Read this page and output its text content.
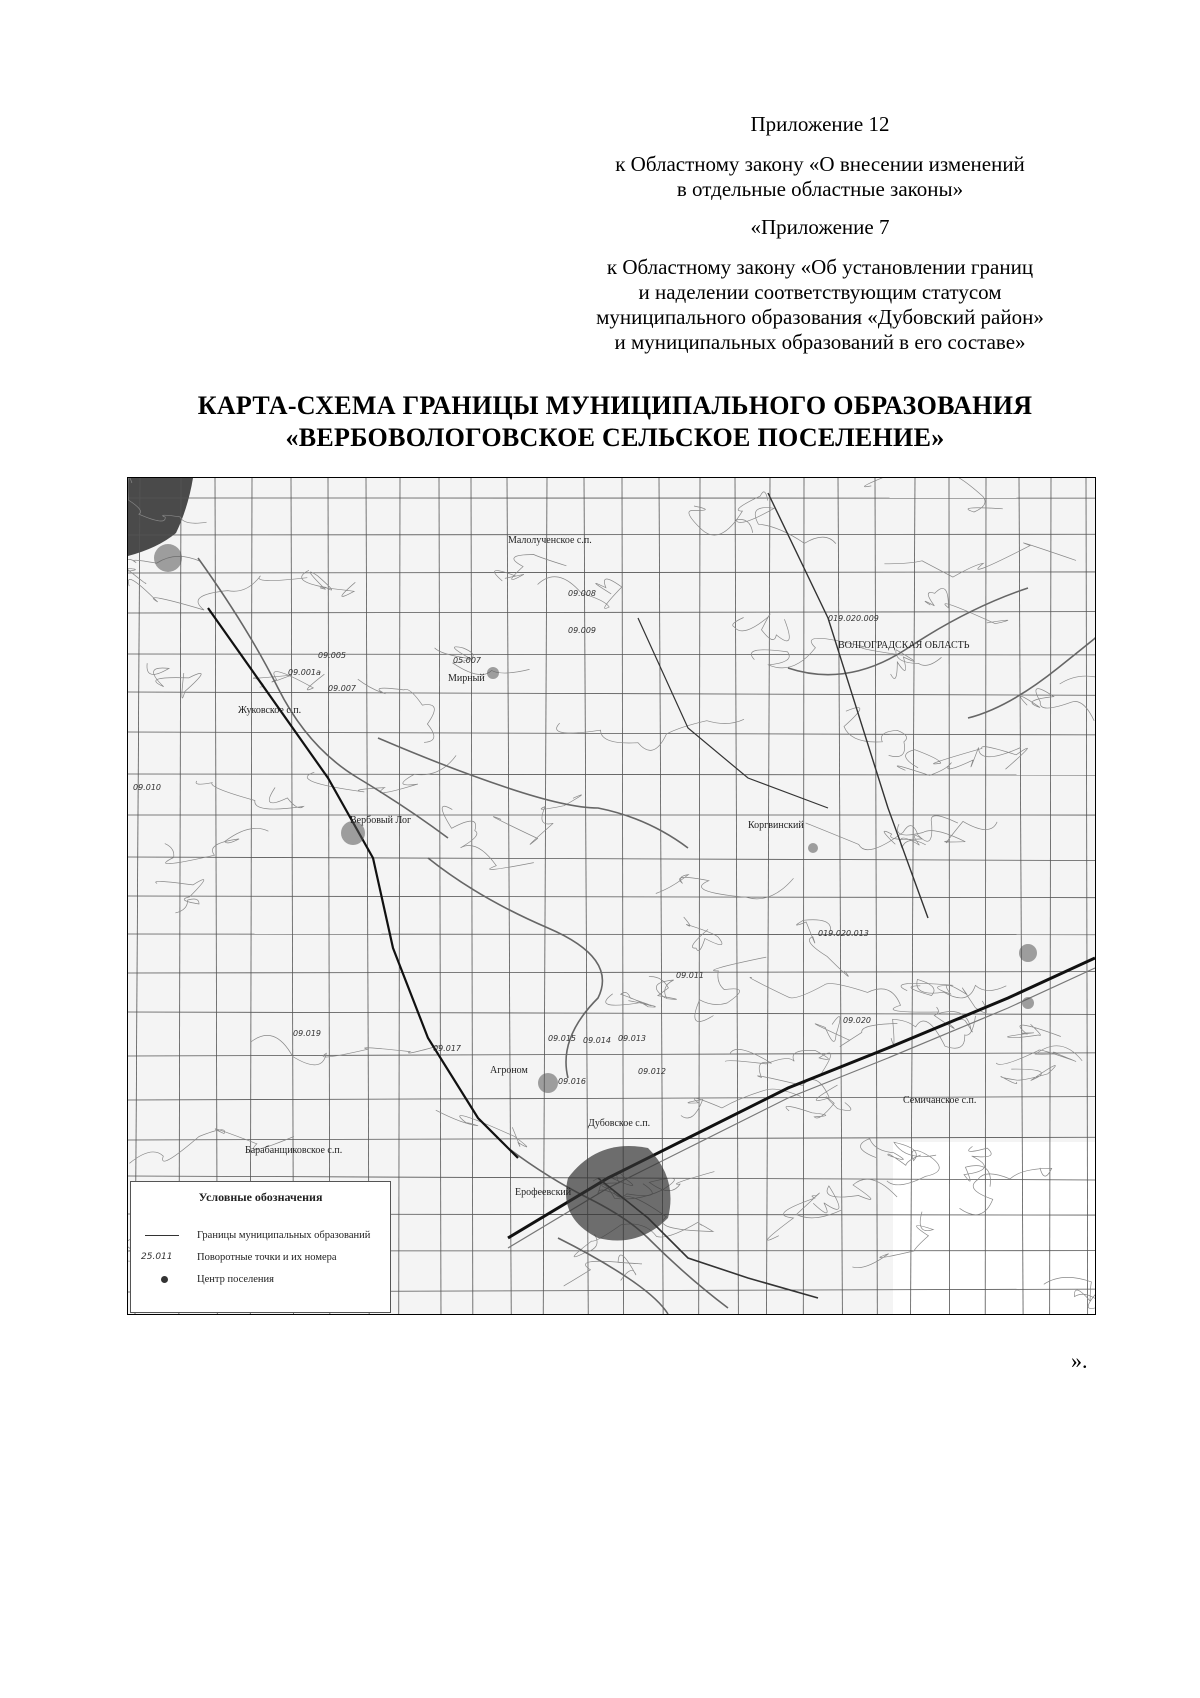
Приложение 12
к Областному закону «О внесении изменений
в отдельные областные законы»
«Приложение 7
к Областному закону «Об установлении границ
и наделении соответствующим статусом
муниципального образования «Дубовский район»
и муниципальных образований в его составе»
КАРТА-СХЕМА ГРАНИЦЫ МУНИЦИПАЛЬНОГО ОБРАЗОВАНИЯ
«ВЕРБОВОЛОГОВСКОЕ СЕЛЬСКОЕ ПОСЕЛЕНИЕ»
Малолученское с.п.
Мирный
Жуковское с.п.
Вербовый Лог
Агроном
Дубовское с.п.
Барабанщиковское с.п.
ВОЛГОГРАДСКАЯ ОБЛАСТЬ
Семичанское с.п.
Коргвинский
Ерофеевский
09.008
09.009
019.020.009
09.001а
09.005
05.007
09.007
019.020.013
09.011
09.020
09.019
09.017
09.015 09.014 09.013
09.012
09.016
09.010
Условные обозначения
Границы муниципальных образований
25.011 Поворотные точки и их номера
Центр поселения
».
